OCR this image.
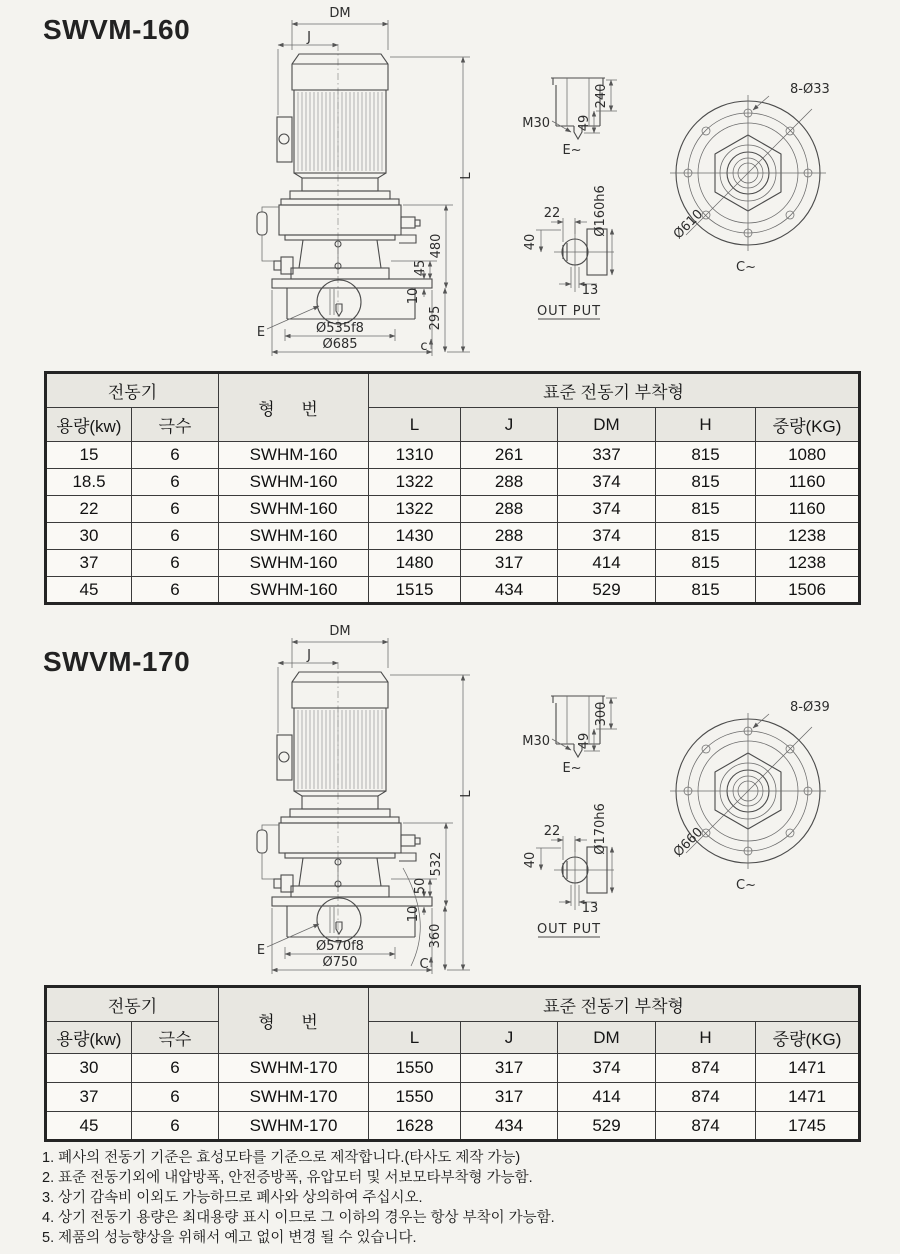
SWVM-160
DM
J
L
480
45
10
295
Ø535f8
Ø685
E
c
M30
240
49
E~
22
40
Ø160h6
13
OUT PUT
8-Ø33
Ø610
C~
전동기		형 번	표준 전동기 부착형				
용량(kw)	극수		L	J	DM	H	중량(KG)
15	6	SWHM-160	1310	261	337	815	1080
18.5	6	SWHM-160	1322	288	374	815	1160
22	6	SWHM-160	1322	288	374	815	1160
30	6	SWHM-160	1430	288	374	815	1238
37	6	SWHM-160	1480	317	414	815	1238
45	6	SWHM-160	1515	434	529	815	1506
SWVM-170
DM
J
L
532
50
10
360
Ø570f8
Ø750
E
C
M30
300
49
E~
22
40
Ø170h6
13
OUT PUT
8-Ø39
Ø660
C~
전동기		형 번	표준 전동기 부착형				
용량(kw)	극수		L	J	DM	H	중량(KG)
30	6	SWHM-170	1550	317	374	874	1471
37	6	SWHM-170	1550	317	414	874	1471
45	6	SWHM-170	1628	434	529	874	1745
1. 폐사의 전동기 기준은 효성모타를 기준으로 제작합니다.(타사도 제작 가능)
2. 표준 전동기외에 내압방폭, 안전증방폭, 유압모터 및 서보모타부착형 가능함.
3. 상기 감속비 이외도 가능하므로 폐사와 상의하여 주십시오.
4. 상기 전동기 용량은 최대용량 표시 이므로 그 이하의 경우는 항상 부착이 가능함.
5. 제품의 성능향상을 위해서 예고 없이 변경 될 수 있습니다.
